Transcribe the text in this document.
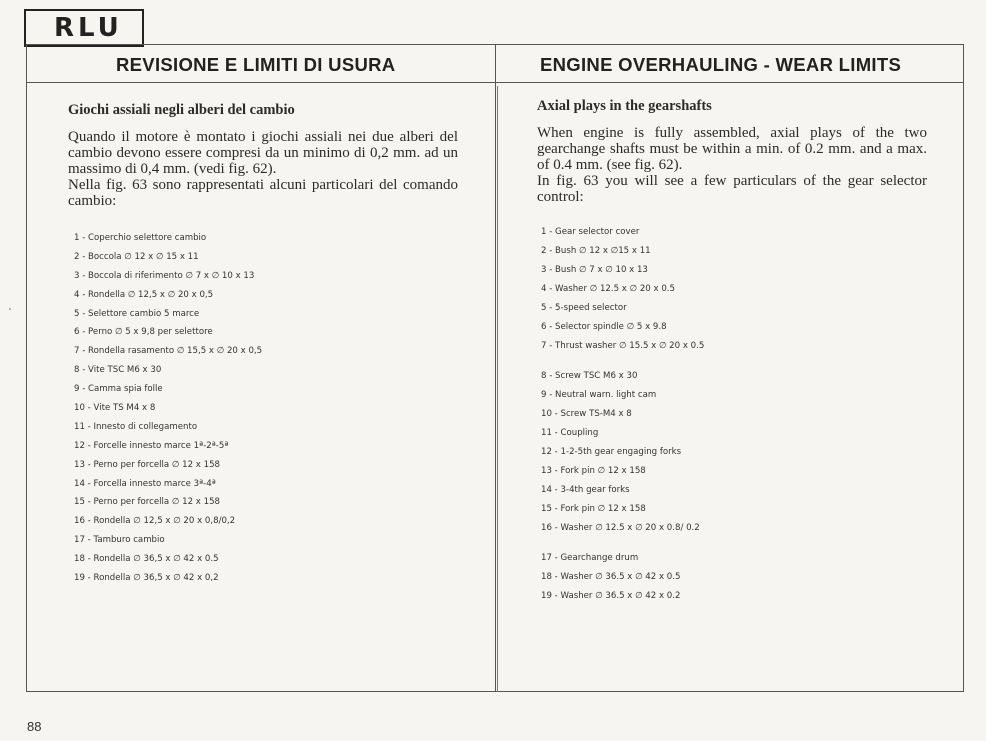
RLU
REVISIONE E LIMITI DI USURA	ENGINE OVERHAULING - WEAR LIMITS
Giochi assiali negli alberi del cambio

Quando il motore è montato i giochi assiali nei due alberi del cambio devono essere compresi da un minimo di 0,2 mm. ad un massimo di 0,4 mm. (vedi fig. 62).

Nella fig. 63 sono rappresentati alcuni particolari del comando cambio:

1 - Coperchio selettore cambio
2 - Boccola ∅ 12 x ∅ 15 x 11
3 - Boccola di riferimento ∅ 7 x ∅ 10 x 13
4 - Rondella ∅ 12,5 x ∅ 20 x 0,5
5 - Selettore cambio 5 marce
6 - Perno ∅ 5 x 9,8 per selettore
7 - Rondella rasamento ∅ 15,5 x ∅ 20 x 0,5
8 - Vite TSC M6 x 30
9 - Camma spia folle
10 - Vite TS M4 x 8
11 - Innesto di collegamento
12 - Forcelle innesto marce 1ª-2ª-5ª
13 - Perno per forcella ∅ 12 x 158
14 - Forcella innesto marce 3ª-4ª
15 - Perno per forcella ∅ 12 x 158
16 - Rondella ∅ 12,5 x ∅ 20 x 0,8/0,2
17 - Tamburo cambio
18 - Rondella ∅ 36,5 x ∅ 42 x 0.5
19 - Rondella ∅ 36,5 x ∅ 42 x 0,2
Axial plays in the gearshafts

When engine is fully assembled, axial plays of the two gearchange shafts must be within a min. of 0.2 mm. and a max. of 0.4 mm. (see fig. 62).

In fig. 63 you will see a few particulars of the gear selector control:

1 - Gear selector cover
2 - Bush ∅ 12 x ∅15 x 11
3 - Bush ∅ 7 x ∅ 10 x 13
4 - Washer ∅ 12.5 x ∅ 20 x 0.5
5 - 5-speed selector
6 - Selector spindle ∅ 5 x 9.8
7 - Thrust washer ∅ 15.5 x ∅ 20 x 0.5
8 - Screw TSC M6 x 30
9 - Neutral warn. light cam
10 - Screw TS-M4 x 8
11 - Coupling
12 - 1-2-5th gear engaging forks
13 - Fork pin ∅ 12 x 158
14 - 3-4th gear forks
15 - Fork pin ∅ 12 x 158
16 - Washer ∅ 12.5 x ∅ 20 x 0.8/ 0.2
17 - Gearchange drum
18 - Washer ∅ 36.5 x ∅ 42 x 0.5
19 - Washer ∅ 36.5 x ∅ 42 x 0.2
88
